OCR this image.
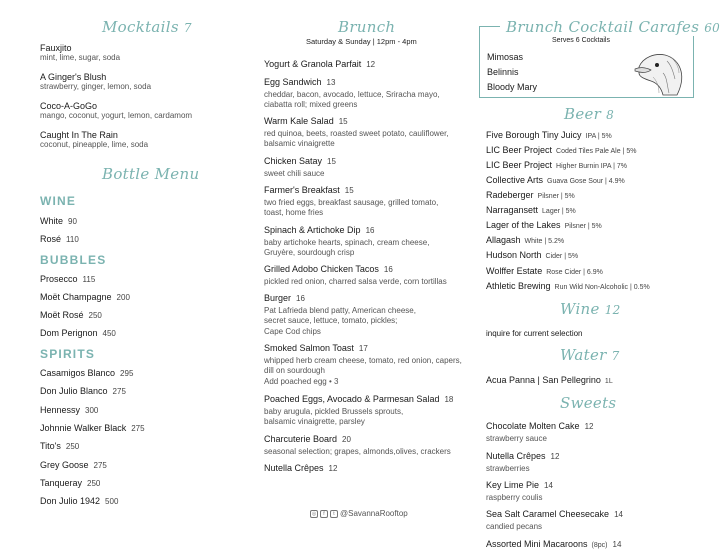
Mocktails 7
Fauxjito
mint, lime, sugar, soda
A Ginger's Blush
strawberry, ginger, lemon, soda
Coco-A-GoGo
mango, coconut, yogurt, lemon, cardamom
Caught In The Rain
coconut, pineapple, lime, soda
Bottle Menu
WINE
White 90
Rosé 110
BUBBLES
Prosecco 115
Moët Champagne 200
Moët Rosé 250
Dom Perignon 450
SPIRITS
Casamigos Blanco 295
Don Julio Blanco 275
Hennessy 300
Johnnie Walker Black 275
Tito's 250
Grey Goose 275
Tanqueray 250
Don Julio 1942 500
Brunch
Saturday & Sunday | 12pm - 4pm
Yogurt & Granola Parfait 12
Egg Sandwich 13
cheddar, bacon, avocado, lettuce, Sriracha mayo,
ciabatta roll; mixed greens
Warm Kale Salad 15
red quinoa, beets, roasted sweet potato, cauliflower,
balsamic vinaigrette
Chicken Satay 15
sweet chili sauce
Farmer's Breakfast 15
two fried eggs, breakfast sausage, grilled tomato,
toast, home fries
Spinach & Artichoke Dip 16
baby artichoke hearts, spinach, cream cheese,
Gruyère, sourdough crisp
Grilled Adobo Chicken Tacos 16
pickled red onion, charred salsa verde, corn tortillas
Burger 16
Pat Lafrieda blend patty, American cheese,
secret sauce, lettuce, tomato, pickles;
Cape Cod chips
Smoked Salmon Toast 17
whipped herb cream cheese, tomato, red onion, capers,
dill on sourdough
Add poached egg • 3
Poached Eggs, Avocado & Parmesan Salad 18
baby arugula, pickled Brussels sprouts,
balsamic vinaigrette, parsley
Charcuterie Board 20
seasonal selection; grapes, almonds,olives, crackers
Nutella Crêpes 12
◎	f	t @SavannaRooftop
Brunch Cocktail Carafes 60
Serves 6 Cocktails
Mimosas
Belinnis
Bloody Mary
Beer 8
Five Borough Tiny Juicy IPA | 5%
LIC Beer Project Coded Tiles Pale Ale | 5%
LIC Beer Project Higher Burnin IPA | 7%
Collective Arts Guava Gose Sour | 4.9%
Radeberger Pilsner | 5%
Narragansett Lager | 5%
Lager of the Lakes Pilsner | 5%
Allagash White | 5.2%
Hudson North Cider | 5%
Wolffer Estate Rose Cider | 6.9%
Athletic Brewing Run Wild Non-Alcoholic | 0.5%
Wine 12
inquire for current selection
Water 7
Acua Panna | San Pellegrino 1L
Sweets
Chocolate Molten Cake 12
strawberry sauce
Nutella Crêpes 12
strawberries
Key Lime Pie 14
raspberry coulis
Sea Salt Caramel Cheesecake 14
candied pecans
Assorted Mini Macaroons (8pc) 14
